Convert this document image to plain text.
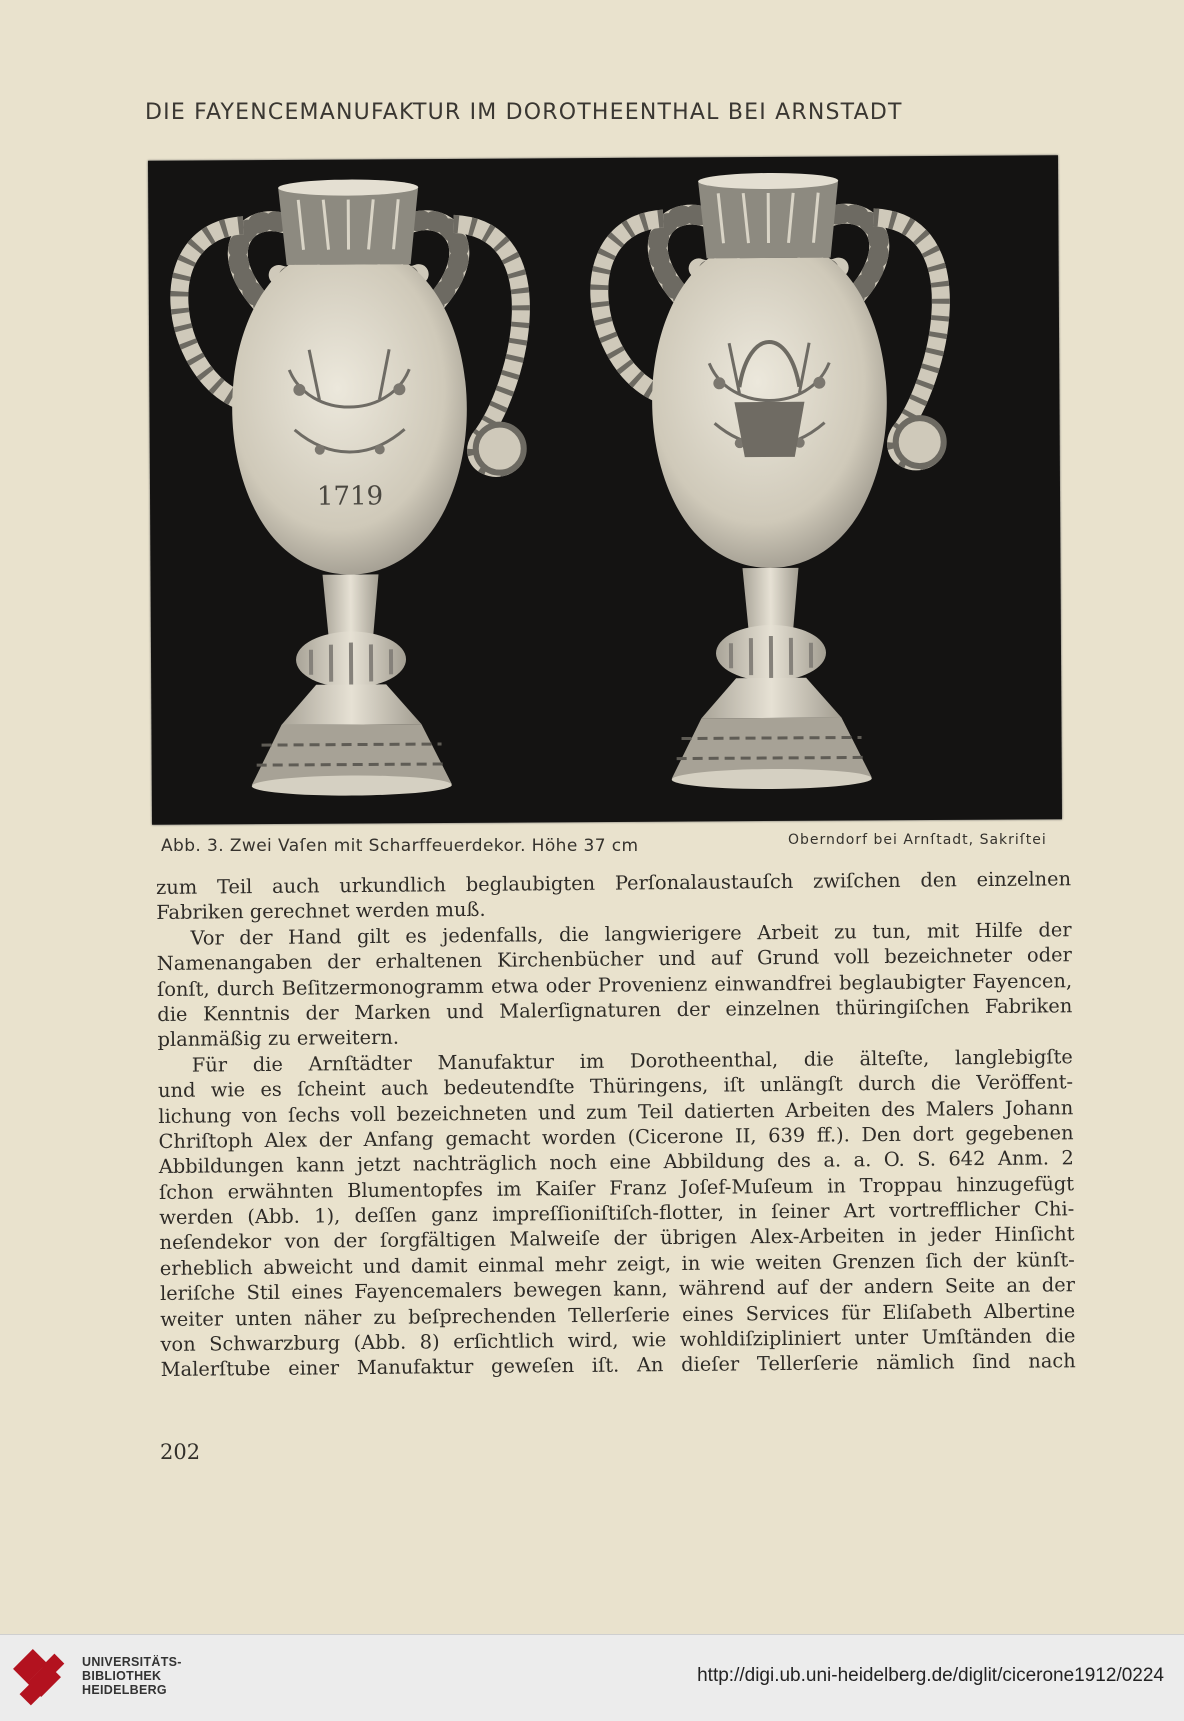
DIE FAYENCEMANUFAKTUR IM DOROTHEENTHAL BEI ARNSTADT
1719
Abb. 3. Zwei Vaſen mit Scharffeuerdekor. Höhe 37 cm	Oberndorf bei Arnſtadt, Sakriſtei
zum Teil auch urkundlich beglaubigten Perſonalaustauſch zwiſchen den einzelnen
Fabriken gerechnet werden muß.
Vor der Hand gilt es jedenfalls, die langwierigere Arbeit zu tun, mit Hilfe der
Namenangaben der erhaltenen Kirchenbücher und auf Grund voll bezeichneter oder
ſonſt, durch Beſitzermonogramm etwa oder Provenienz einwandfrei beglaubigter Fayencen,
die Kenntnis der Marken und Malerſignaturen der einzelnen thüringiſchen Fabriken
planmäßig zu erweitern.
Für die Arnſtädter Manufaktur im Dorotheenthal, die älteſte, langlebigſte
und wie es ſcheint auch bedeutendſte Thüringens, iſt unlängſt durch die Veröffent-
lichung von ſechs voll bezeichneten und zum Teil datierten Arbeiten des Malers Johann
Chriſtoph Alex der Anfang gemacht worden (Cicerone II, 639 ff.). Den dort gegebenen
Abbildungen kann jetzt nachträglich noch eine Abbildung des a. a. O. S. 642 Anm. 2
ſchon erwähnten Blumentopfes im Kaiſer Franz Joſef-Muſeum in Troppau hinzugefügt
werden (Abb. 1), deſſen ganz impreſſioniſtiſch-flotter, in ſeiner Art vortrefflicher Chi-
neſendekor von der ſorgfältigen Malweiſe der übrigen Alex-Arbeiten in jeder Hinſicht
erheblich abweicht und damit einmal mehr zeigt, in wie weiten Grenzen ſich der künſt-
leriſche Stil eines Fayencemalers bewegen kann, während auf der andern Seite an der
weiter unten näher zu beſprechenden Tellerſerie eines Services für Eliſabeth Albertine
von Schwarzburg (Abb. 8) erſichtlich wird, wie wohldiſzipliniert unter Umſtänden die
Malerſtube einer Manufaktur geweſen iſt. An dieſer Tellerſerie nämlich ſind nach
202
UNIVERSITÄTS-
BIBLIOTHEK
HEIDELBERG
http://digi.ub.uni-heidelberg.de/diglit/cicerone1912/0224
